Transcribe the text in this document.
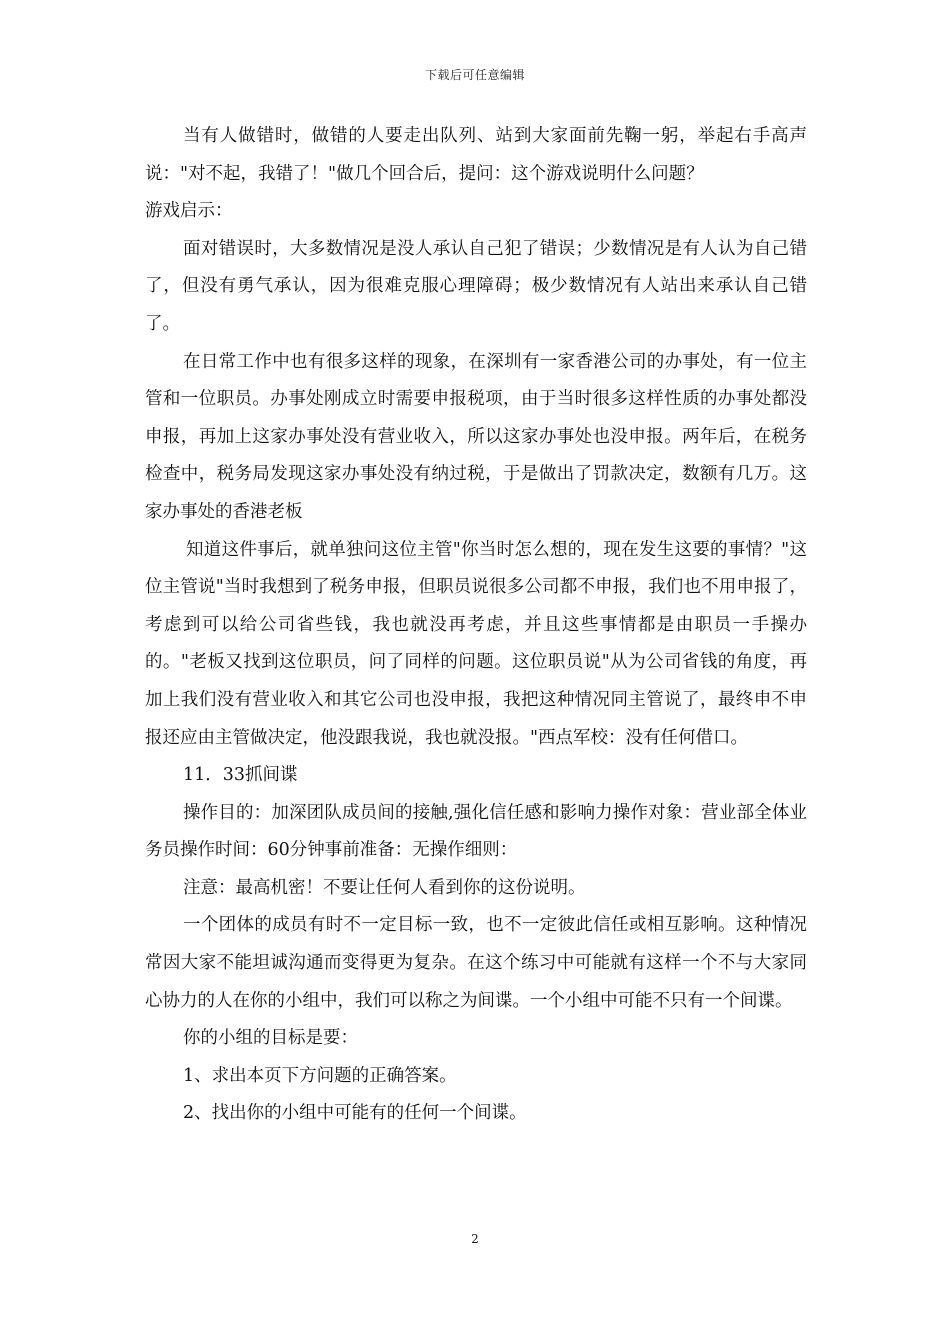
下载后可任意编辑

当有人做错时，做错的人要走出队列、站到大家面前先鞠一躬，举起右手高声说："对不起，我错了！"做几个回合后，提问：这个游戏说明什么问题？

游戏启示：

面对错误时，大多数情况是没人承认自己犯了错误；少数情况是有人认为自己错了，但没有勇气承认，因为很难克服心理障碍；极少数情况有人站出来承认自己错了。

在日常工作中也有很多这样的现象，在深圳有一家香港公司的办事处，有一位主管和一位职员。办事处刚成立时需要申报税项，由于当时很多这样性质的办事处都没申报，再加上这家办事处没有营业收入，所以这家办事处也没申报。两年后，在税务检查中，税务局发现这家办事处没有纳过税，于是做出了罚款决定，数额有几万。这家办事处的香港老板

知道这件事后，就单独问这位主管"你当时怎么想的，现在发生这要的事情？"这位主管说"当时我想到了税务申报，但职员说很多公司都不申报，我们也不用申报了，考虑到可以给公司省些钱，我也就没再考虑，并且这些事情都是由职员一手操办的。"老板又找到这位职员，问了同样的问题。这位职员说"从为公司省钱的角度，再加上我们没有营业收入和其它公司也没申报，我把这种情况同主管说了，最终申不申报还应由主管做决定，他没跟我说，我也就没报。"西点军校：没有任何借口。

11．33抓间谍

操作目的：加深团队成员间的接触,强化信任感和影响力操作对象：营业部全体业务员操作时间：60分钟事前准备：无操作细则：

注意：最高机密！不要让任何人看到你的这份说明。

一个团体的成员有时不一定目标一致，也不一定彼此信任或相互影响。这种情况常因大家不能坦诚沟通而变得更为复杂。在这个练习中可能就有这样一个不与大家同心协力的人在你的小组中，我们可以称之为间谍。一个小组中可能不只有一个间谍。

你的小组的目标是要：

1、求出本页下方问题的正确答案。

2、找出你的小组中可能有的任何一个间谍。

2
